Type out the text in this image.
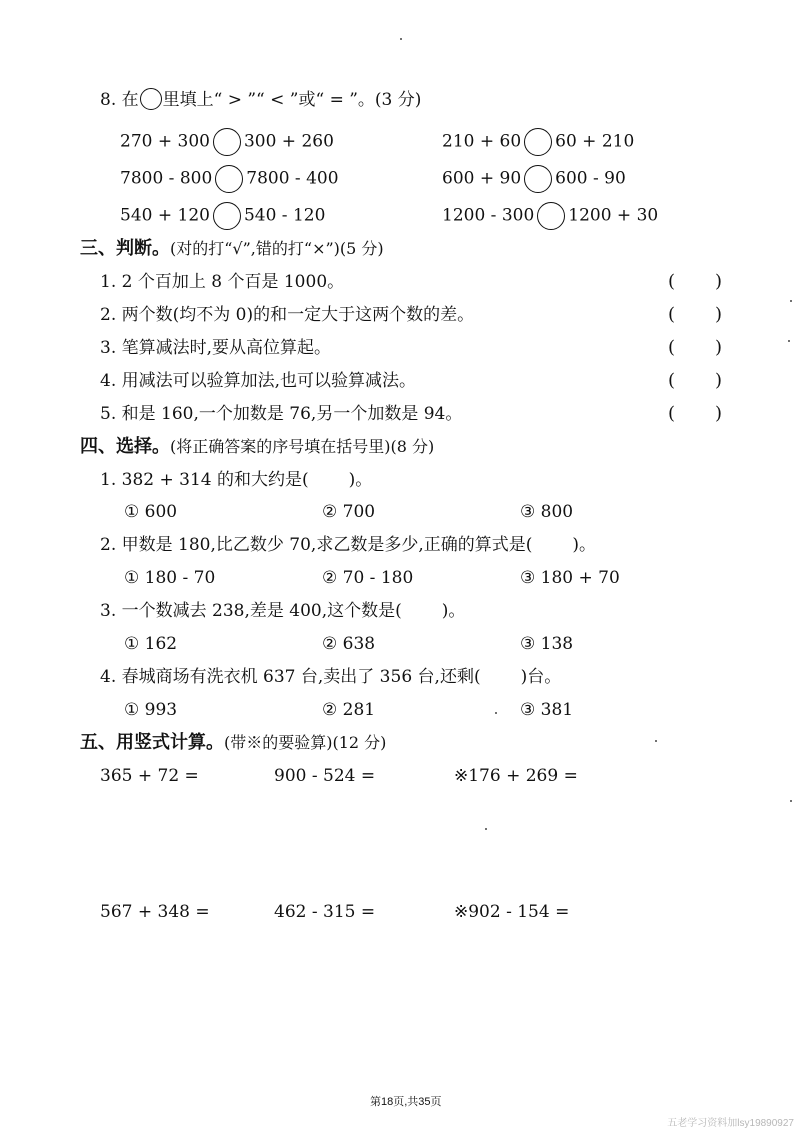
8. 在 里填上“ > ”“ < ”或“ = ”。(3 分)
270 + 300 300 + 260	210 + 60 60 + 210
7800 - 800 7800 - 400	600 + 90 600 - 90
540 + 120 540 - 120	1200 - 300 1200 + 30
三、判断。(对的打“√”,错的打“×”)(5 分)
1. 2 个百加上 8 个百是 1000。	( )
2. 两个数(均不为 0)的和一定大于这两个数的差。	( )
3. 笔算减法时,要从高位算起。	( )
4. 用减法可以验算加法,也可以验算减法。	( )
5. 和是 160,一个加数是 76,另一个加数是 94。	( )
四、选择。(将正确答案的序号填在括号里)(8 分)
1. 382 + 314 的和大约是( )。
① 600	② 700	③ 800
2. 甲数是 180,比乙数少 70,求乙数是多少,正确的算式是( )。
① 180 - 70	② 70 - 180	③ 180 + 70
3. 一个数减去 238,差是 400,这个数是( )。
① 162	② 638	③ 138
4. 春城商场有洗衣机 637 台,卖出了 356 台,还剩( )台。
① 993	② 281	③ 381
五、用竖式计算。(带※的要验算)(12 分)
365 + 72 =	900 - 524 =	※176 + 269 =
567 + 348 =	462 - 315 =	※902 - 154 =
第18页,共35页
五老学习资料加lsy19890927
